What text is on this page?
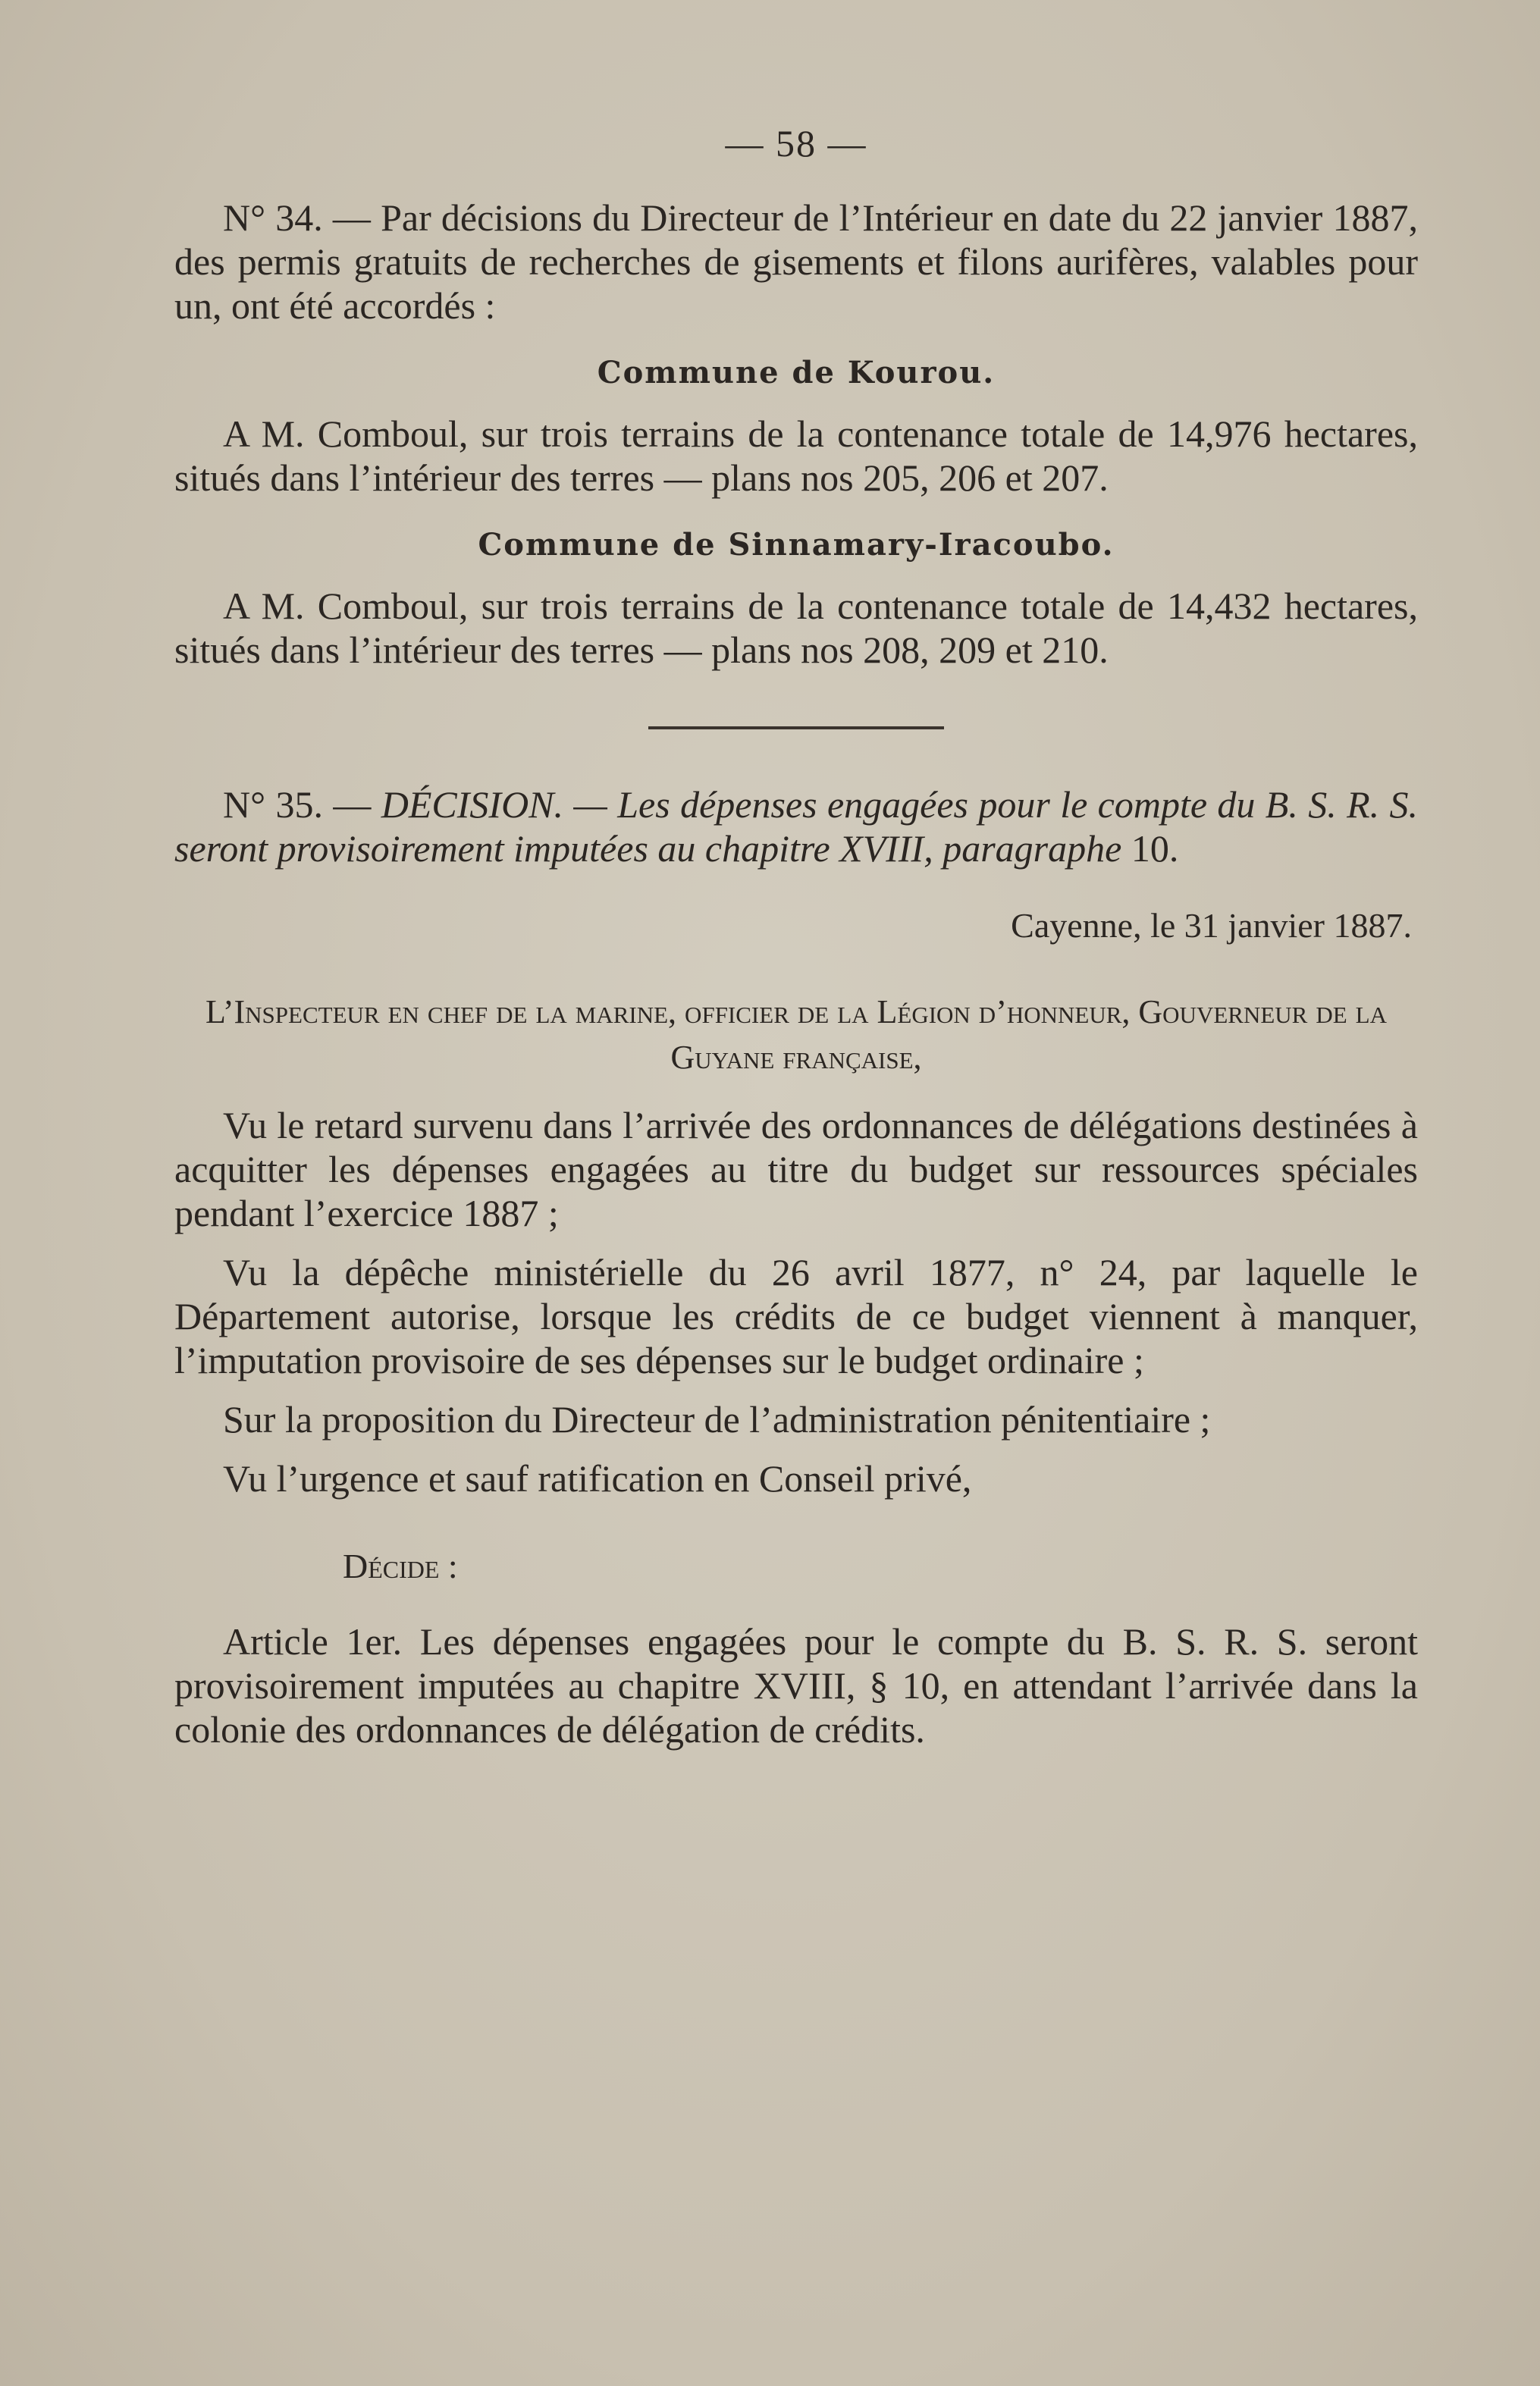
— 58 —

N° 34. — Par décisions du Directeur de l’Intérieur en date du 22 janvier 1887, des permis gratuits de recherches de gisements et filons aurifères, valables pour un, ont été accordés :

Commune de Kourou.

A M. Comboul, sur trois terrains de la contenance totale de 14,976 hectares, situés dans l’intérieur des terres — plans nos 205, 206 et 207.

Commune de Sinnamary-Iracoubo.

A M. Comboul, sur trois terrains de la contenance totale de 14,432 hectares, situés dans l’intérieur des terres — plans nos 208, 209 et 210.

N° 35. — DÉCISION. — Les dépenses engagées pour le compte du B. S. R. S. seront provisoirement imputées au chapitre XVIII, paragraphe 10.

Cayenne, le 31 janvier 1887.

L’Inspecteur en chef de la marine, officier de la Légion d’honneur, Gouverneur de la Guyane française,

Vu le retard survenu dans l’arrivée des ordonnances de délégations destinées à acquitter les dépenses engagées au titre du budget sur ressources spéciales pendant l’exercice 1887 ;

Vu la dépêche ministérielle du 26 avril 1877, n° 24, par laquelle le Département autorise, lorsque les crédits de ce budget viennent à manquer, l’imputation provisoire de ses dépenses sur le budget ordinaire ;

Sur la proposition du Directeur de l’administration pénitentiaire ;

Vu l’urgence et sauf ratification en Conseil privé,

Décide :

Article 1er. Les dépenses engagées pour le compte du B. S. R. S. seront provisoirement imputées au chapitre XVIII, § 10, en attendant l’arrivée dans la colonie des ordonnances de délégation de crédits.
